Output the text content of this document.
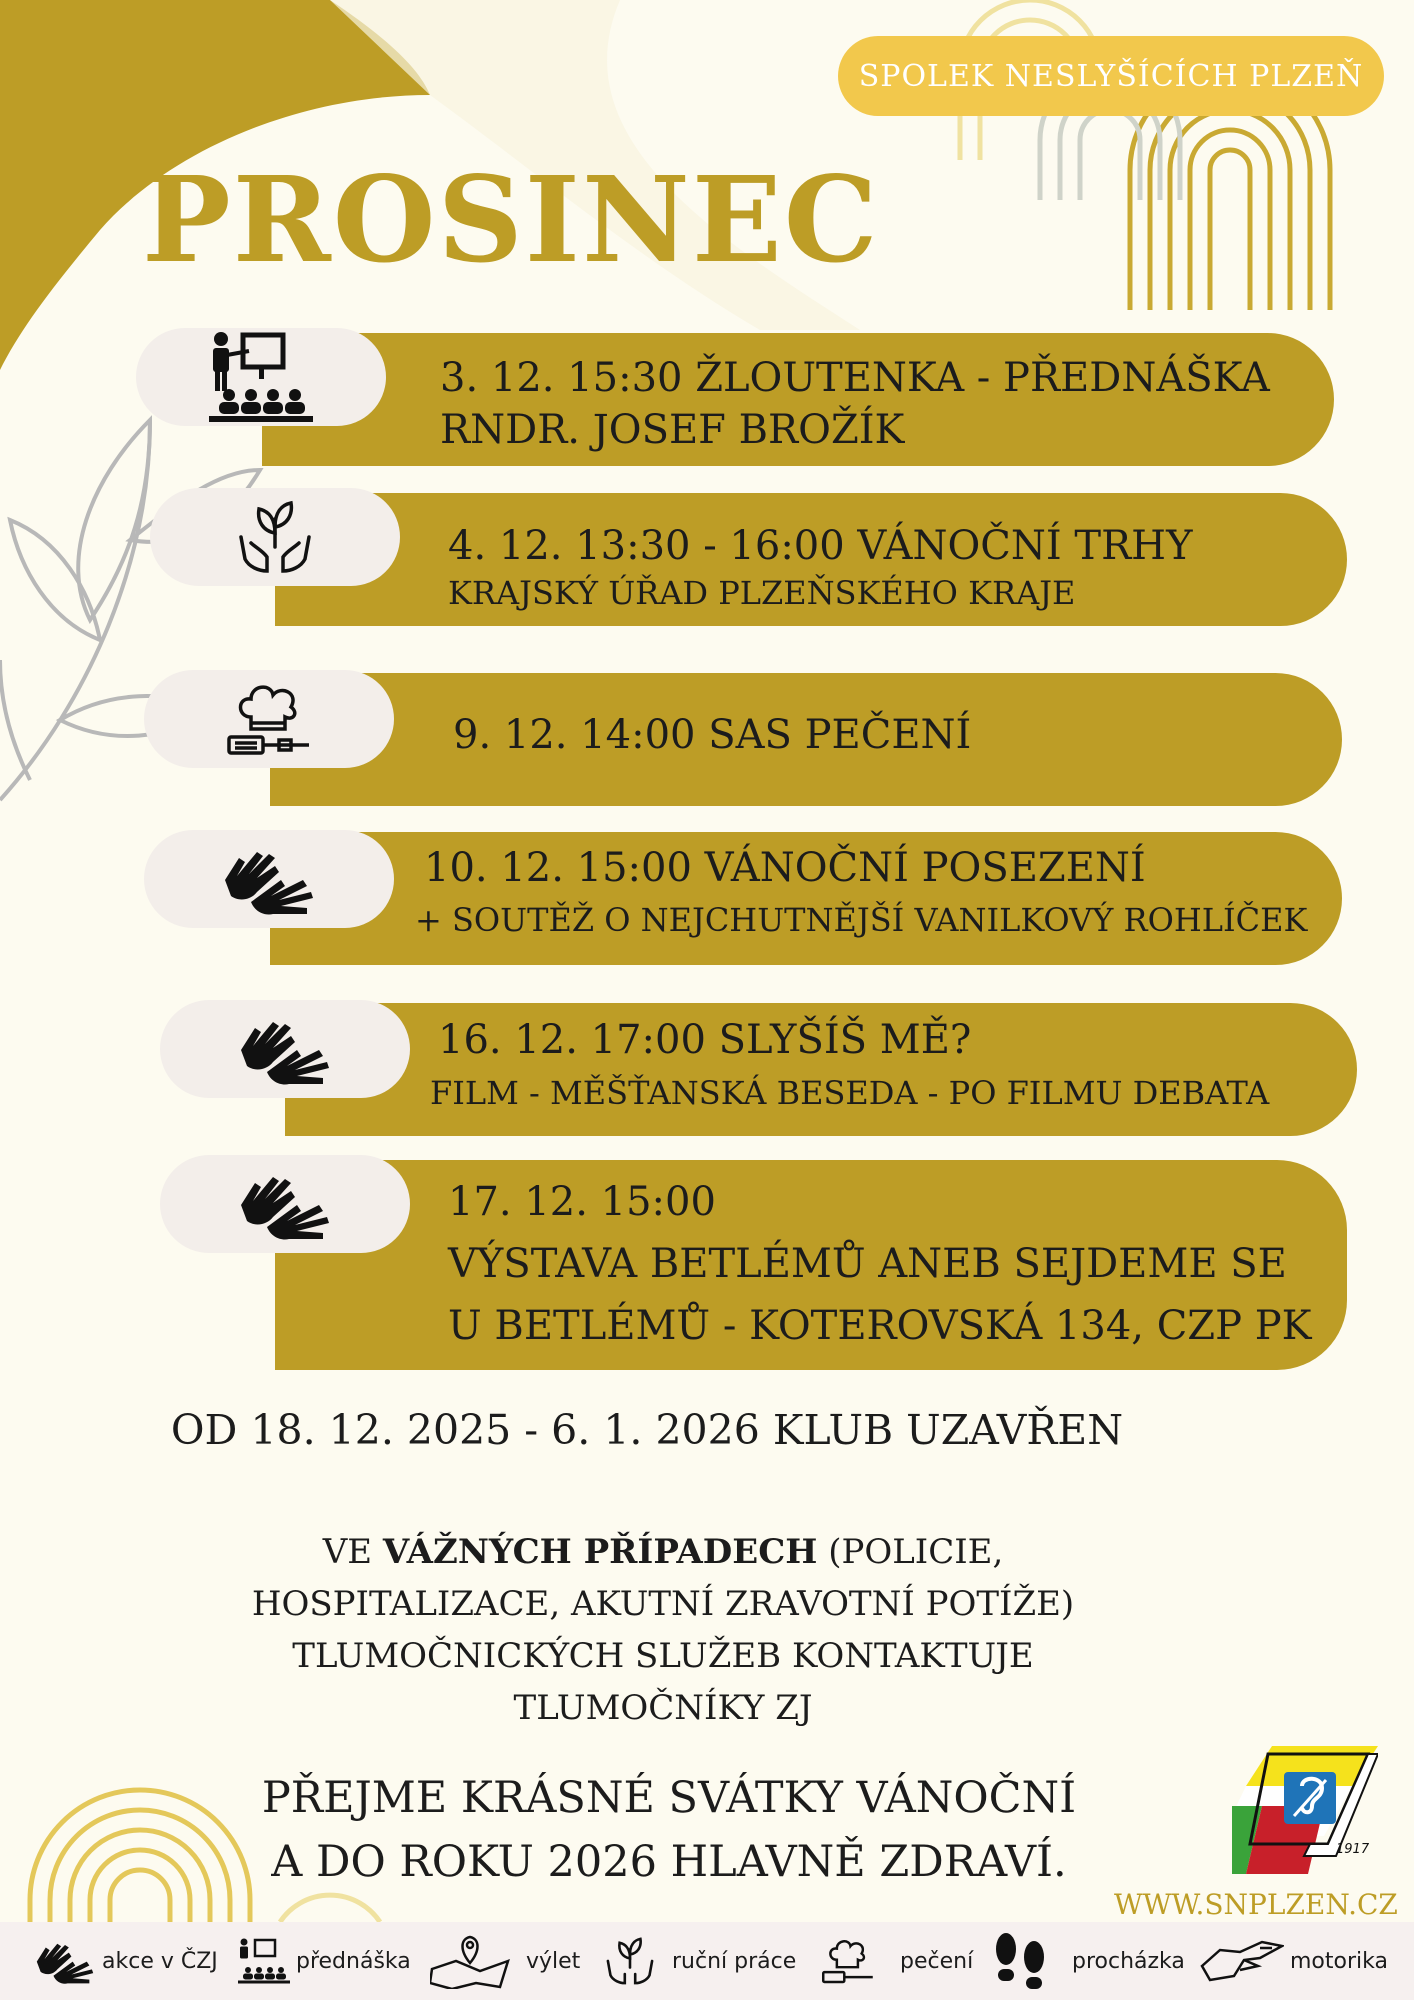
SPOLEK NESLYŠÍCÍCH PLZEŇ
PROSINEC
3. 12. 15:30 ŽLOUTENKA - PŘEDNÁŠKA
RNDR. JOSEF BROŽÍK
4. 12. 13:30 - 16:00 VÁNOČNÍ TRHY
KRAJSKÝ ÚŘAD PLZEŇSKÉHO KRAJE
9. 12. 14:00 SAS PEČENÍ
10. 12. 15:00 VÁNOČNÍ POSEZENÍ
+ SOUTĚŽ O NEJCHUTNĚJŠÍ VANILKOVÝ ROHLÍČEK
16. 12. 17:00 SLYŠÍŠ MĚ?
FILM - MĚŠŤANSKÁ BESEDA - PO FILMU DEBATA
17. 12. 15:00
VÝSTAVA BETLÉMŮ ANEB SEJDEME SE
U BETLÉMŮ - KOTEROVSKÁ 134, CZP PK
OD 18. 12. 2025 - 6. 1. 2026 KLUB UZAVŘEN
VE VÁŽNÝCH PŘÍPADECH (POLICIE,
HOSPITALIZACE, AKUTNÍ ZRAVOTNÍ POTÍŽE)
TLUMOČNICKÝCH SLUŽEB KONTAKTUJE
TLUMOČNÍKY ZJ
PŘEJME KRÁSNÉ SVÁTKY VÁNOČNÍ
A DO ROKU 2026 HLAVNĚ ZDRAVÍ.	1917
WWW.SNPLZEN.CZ
akce v ČZJ	přednáška	výlet	ruční práce	pečení	procházka	motorika
